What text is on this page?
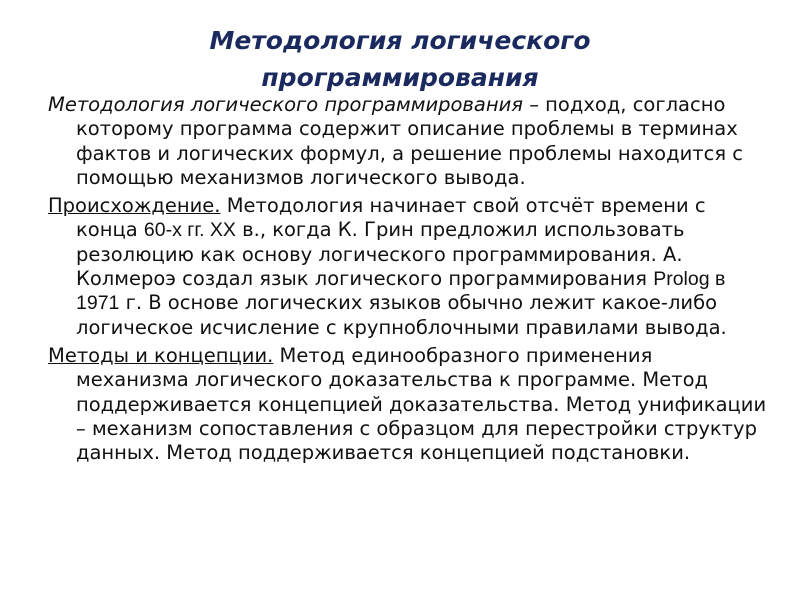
Методология логического
программирования

Методология логического программирования – подход, согласно которому программа содержит описание проблемы в терминах фактов и логических формул, а решение проблемы находится с помощью механизмов логического вывода.

Происхождение. Методология начинает свой отсчёт времени с конца 60-х гг. XX в., когда К. Грин предложил использовать резолюцию как основу логического программирования. А. Колмероэ создал язык логического программирования Prolog в 1971 г. В основе логических языков обычно лежит какое-либо логическое исчисление с крупноблочными правилами вывода.

Методы и концепции. Метод единообразного применения механизма логического доказательства к программе. Метод поддерживается концепцией доказательства. Метод унификации – механизм сопоставления с образцом для перестройки структур данных. Метод поддерживается концепцией подстановки.
